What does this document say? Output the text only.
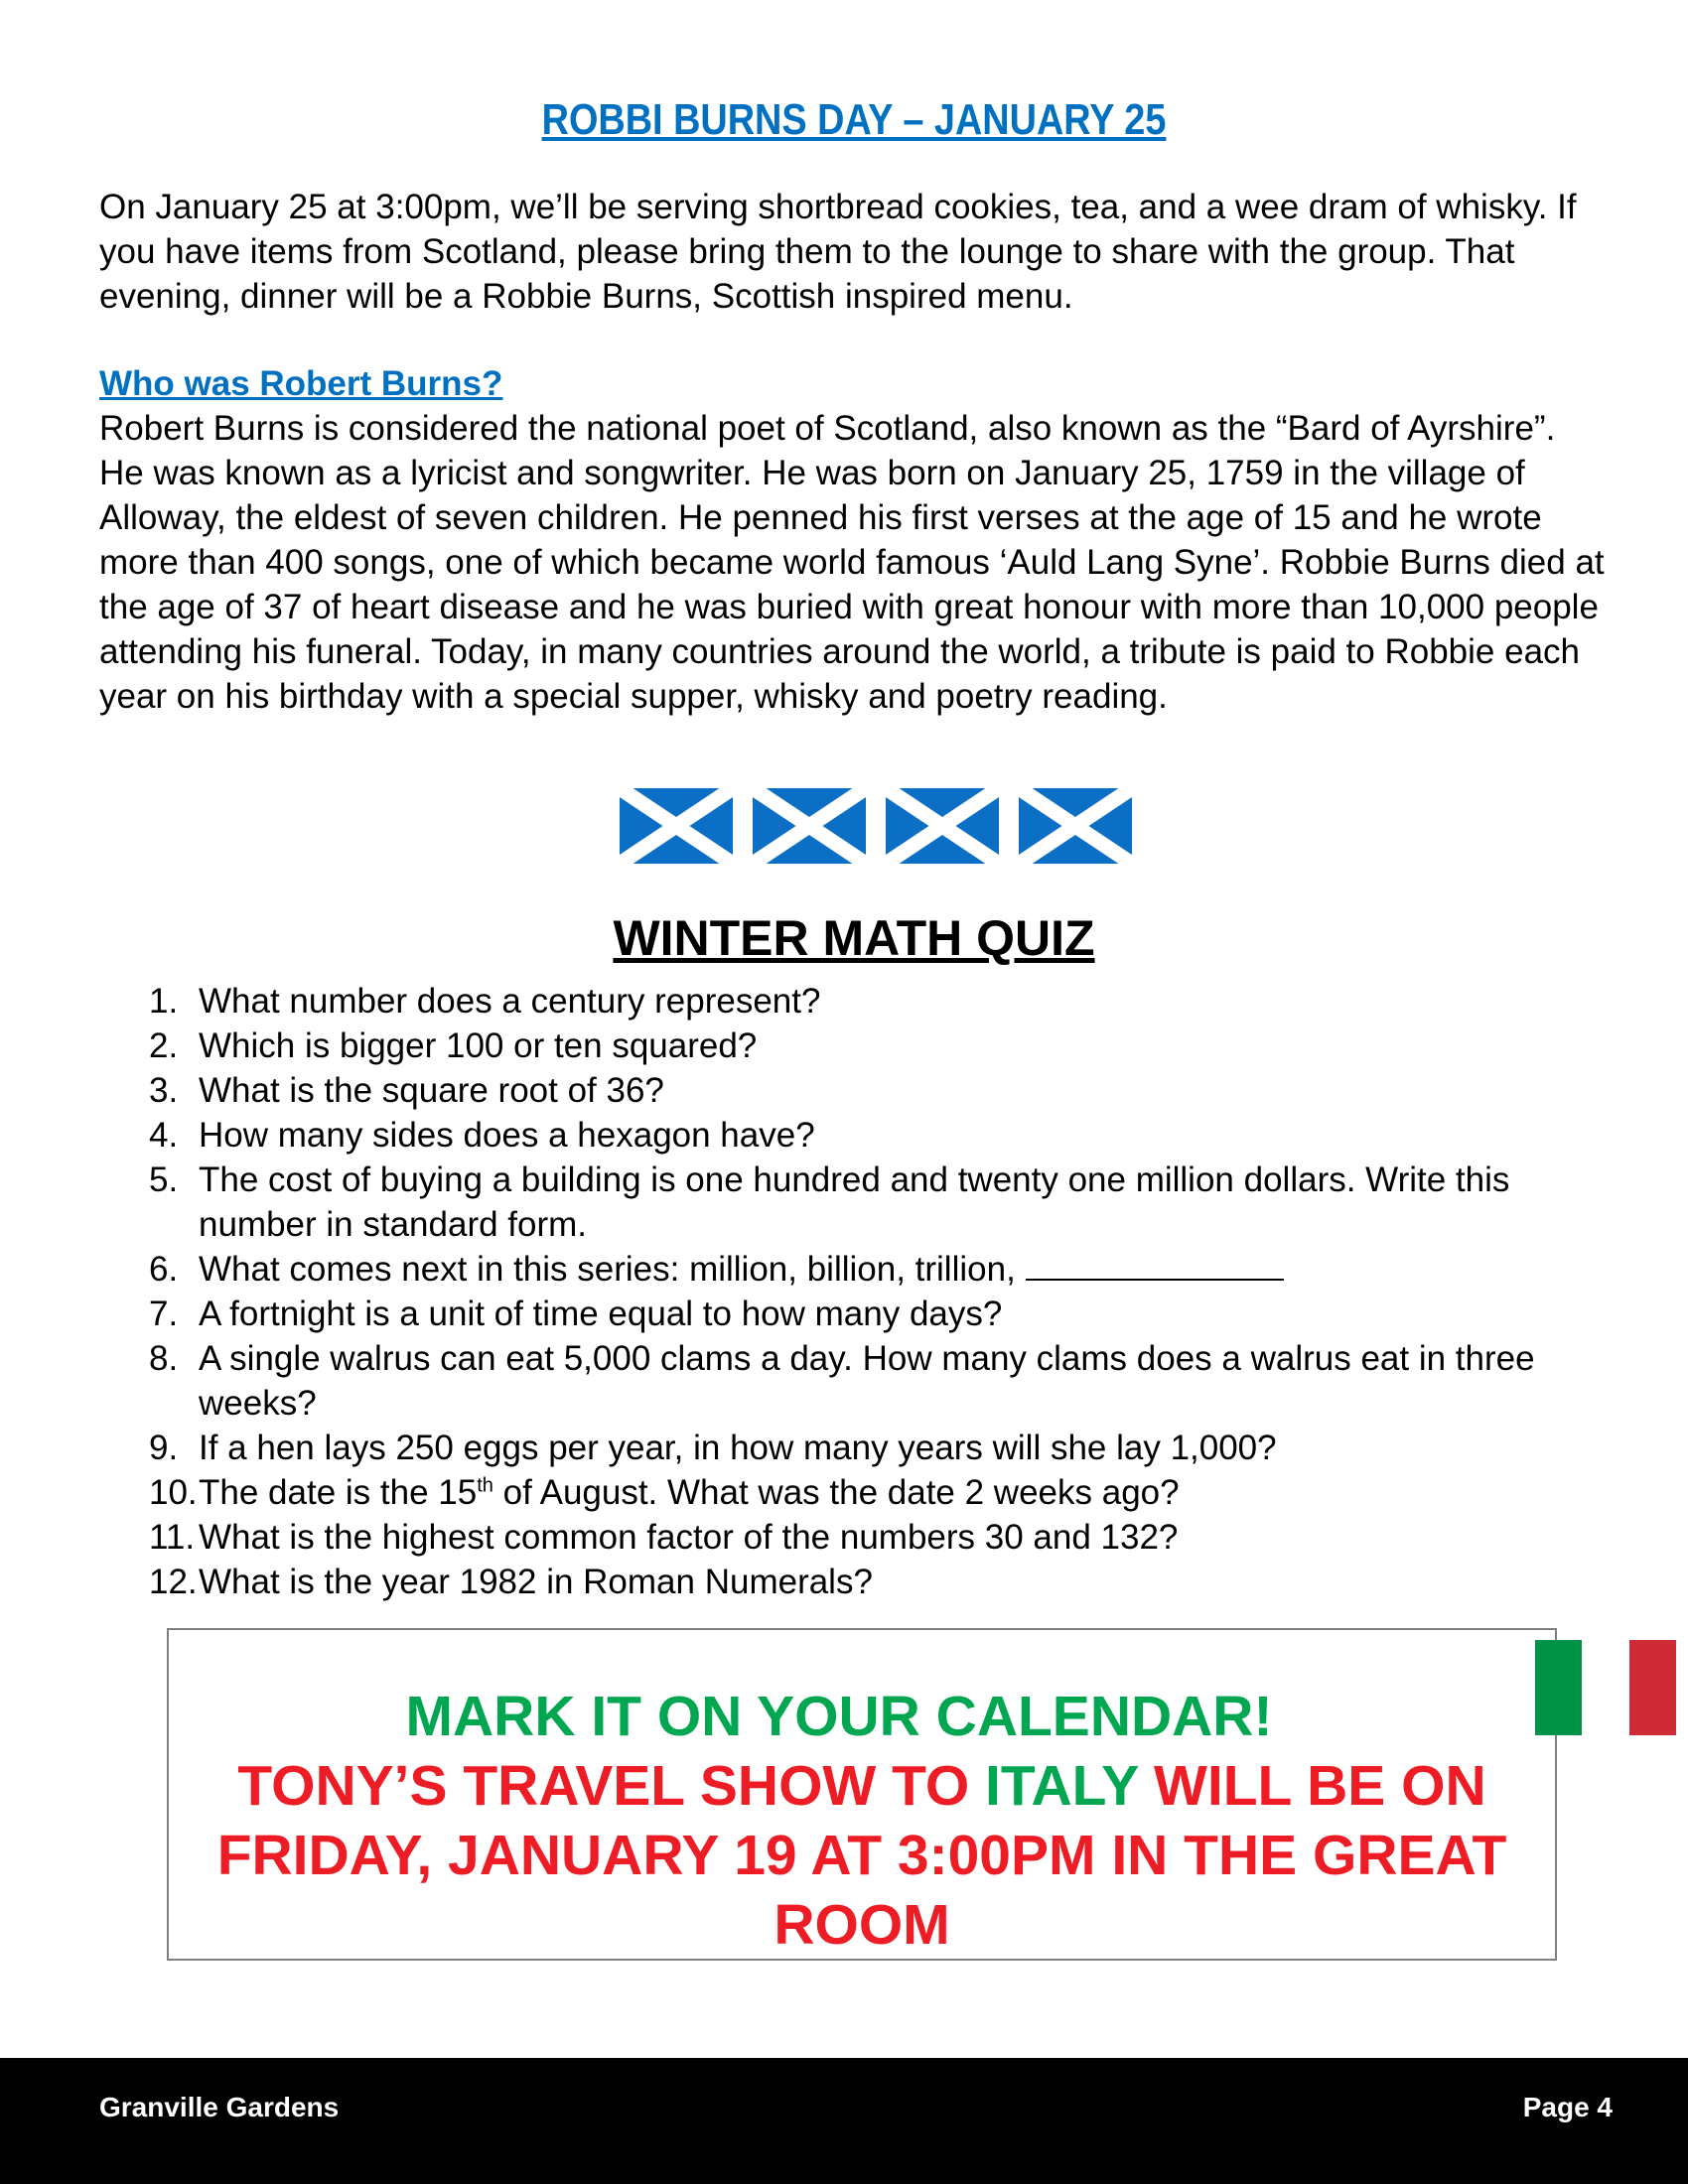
ROBBI BURNS DAY – JANUARY 25

On January 25 at 3:00pm, we’ll be serving shortbread cookies, tea, and a wee dram of whisky. If you have items from Scotland, please bring them to the lounge to share with the group. That evening, dinner will be a Robbie Burns, Scottish inspired menu.

Who was Robert Burns?

Robert Burns is considered the national poet of Scotland, also known as the “Bard of Ayrshire”. He was known as a lyricist and songwriter. He was born on January 25, 1759 in the village of Alloway, the eldest of seven children. He penned his first verses at the age of 15 and he wrote more than 400 songs, one of which became world famous ‘Auld Lang Syne’. Robbie Burns died at the age of 37 of heart disease and he was buried with great honour with more than 10,000 people attending his funeral. Today, in many countries around the world, a tribute is paid to Robbie each year on his birthday with a special supper, whisky and poetry reading.

WINTER MATH QUIZ
1. What number does a century represent?
2. Which is bigger 100 or ten squared?
3. What is the square root of 36?
4. How many sides does a hexagon have?
5. The cost of buying a building is one hundred and twenty one million dollars. Write this number in standard form.
6. What comes next in this series: million, billion, trillion,
7. A fortnight is a unit of time equal to how many days?
8. A single walrus can eat 5,000 clams a day. How many clams does a walrus eat in three weeks?
9. If a hen lays 250 eggs per year, in how many years will she lay 1,000?
10. The date is the 15th of August. What was the date 2 weeks ago?
11. What is the highest common factor of the numbers 30 and 132?
12. What is the year 1982 in Roman Numerals?
MARK IT ON YOUR CALENDAR!
TONY’S TRAVEL SHOW TO ITALY WILL BE ON FRIDAY, JANUARY 19 AT 3:00PM IN THE GREAT ROOM
Granville Gardens	Page 4
